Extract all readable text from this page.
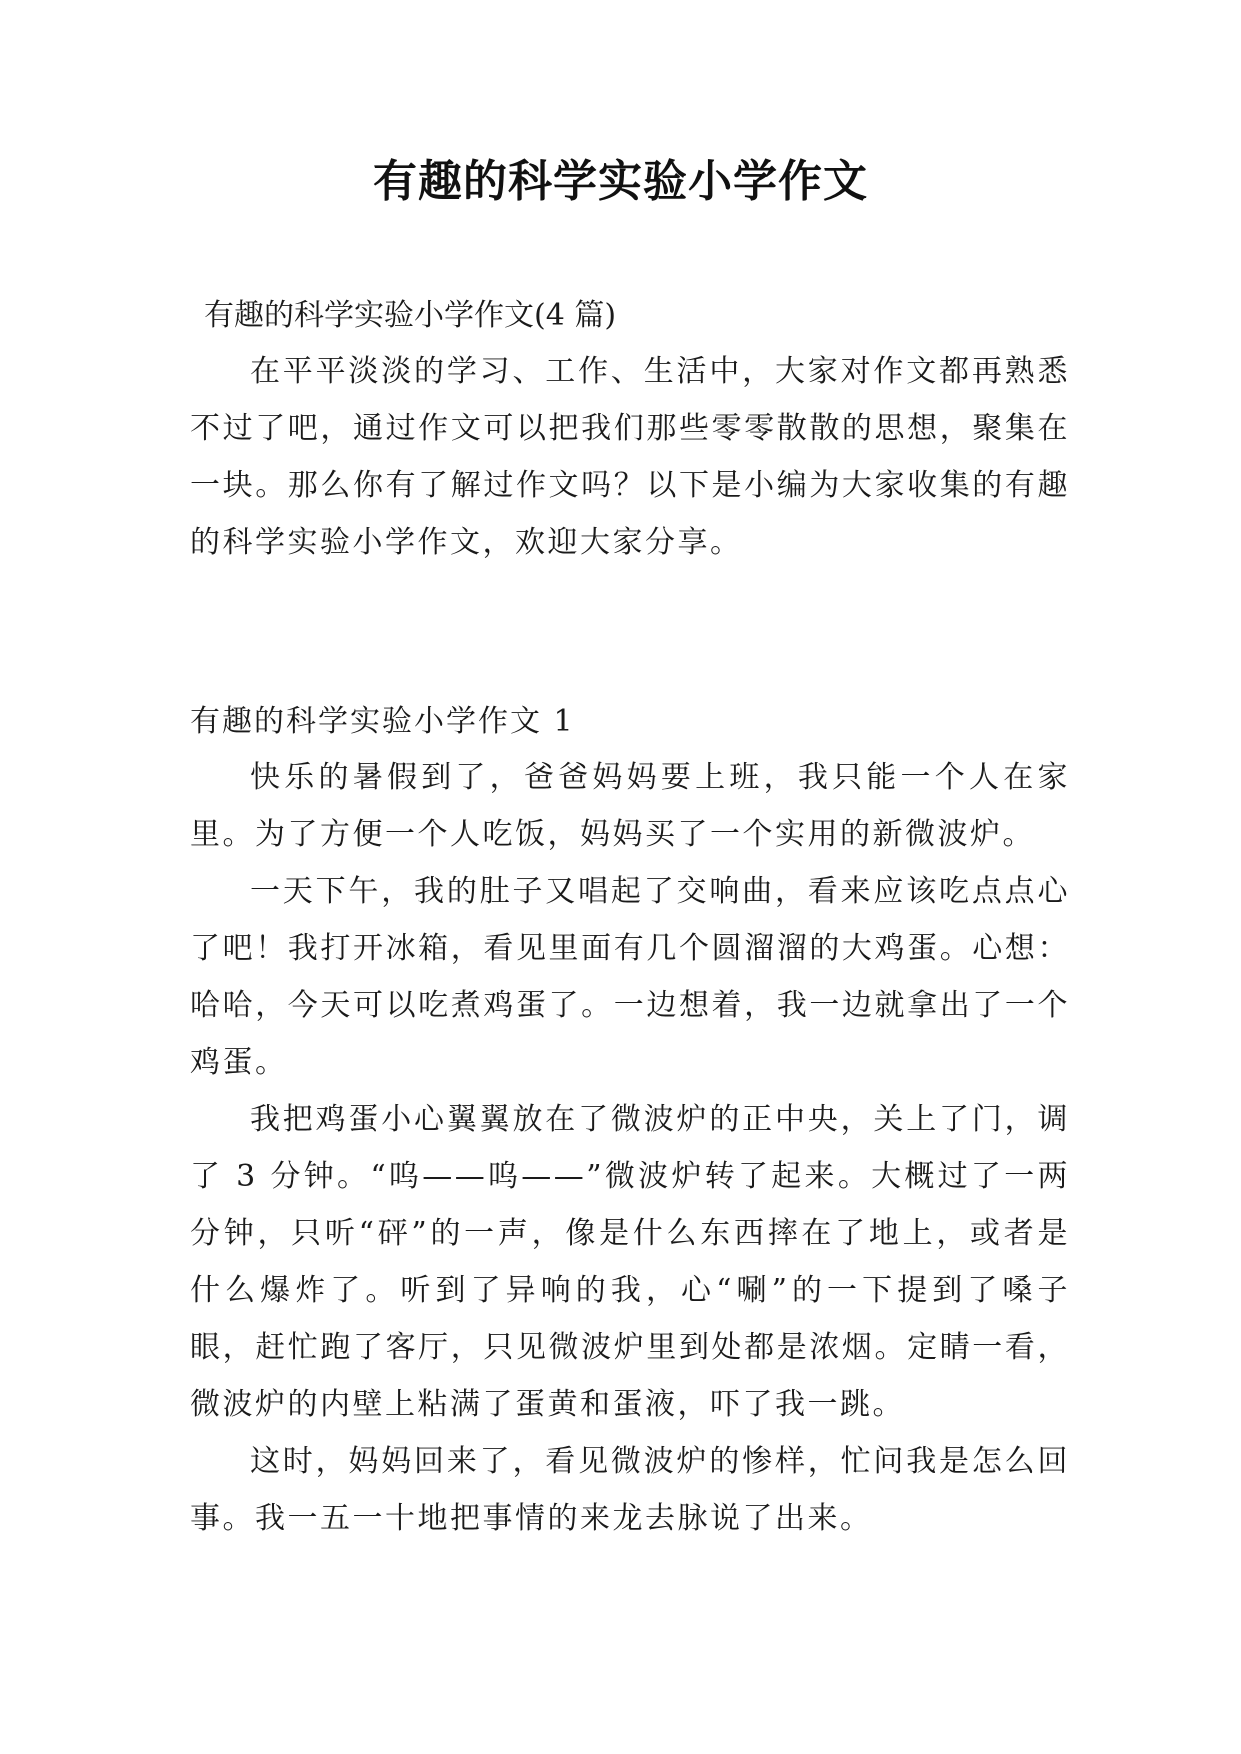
有趣的科学实验小学作文
有趣的科学实验小学作文(4 篇)

在平平淡淡的学习、工作、生活中，大家对作文都再熟悉不过了吧，通过作文可以把我们那些零零散散的思想，聚集在一块。那么你有了解过作文吗？以下是小编为大家收集的有趣的科学实验小学作文，欢迎大家分享。

有趣的科学实验小学作文 1

快乐的暑假到了，爸爸妈妈要上班，我只能一个人在家里。为了方便一个人吃饭，妈妈买了一个实用的新微波炉。

一天下午，我的肚子又唱起了交响曲，看来应该吃点点心了吧！我打开冰箱，看见里面有几个圆溜溜的大鸡蛋。心想：哈哈，今天可以吃煮鸡蛋了。一边想着，我一边就拿出了一个鸡蛋。

我把鸡蛋小心翼翼放在了微波炉的正中央，关上了门，调了 3 分钟。“呜——呜——”微波炉转了起来。大概过了一两分钟，只听“砰”的一声，像是什么东西摔在了地上，或者是什么爆炸了。听到了异响的我，心“唰”的一下提到了嗓子眼，赶忙跑了客厅，只见微波炉里到处都是浓烟。定睛一看，微波炉的内壁上粘满了蛋黄和蛋液，吓了我一跳。

这时，妈妈回来了，看见微波炉的惨样，忙问我是怎么回事。我一五一十地把事情的来龙去脉说了出来。
